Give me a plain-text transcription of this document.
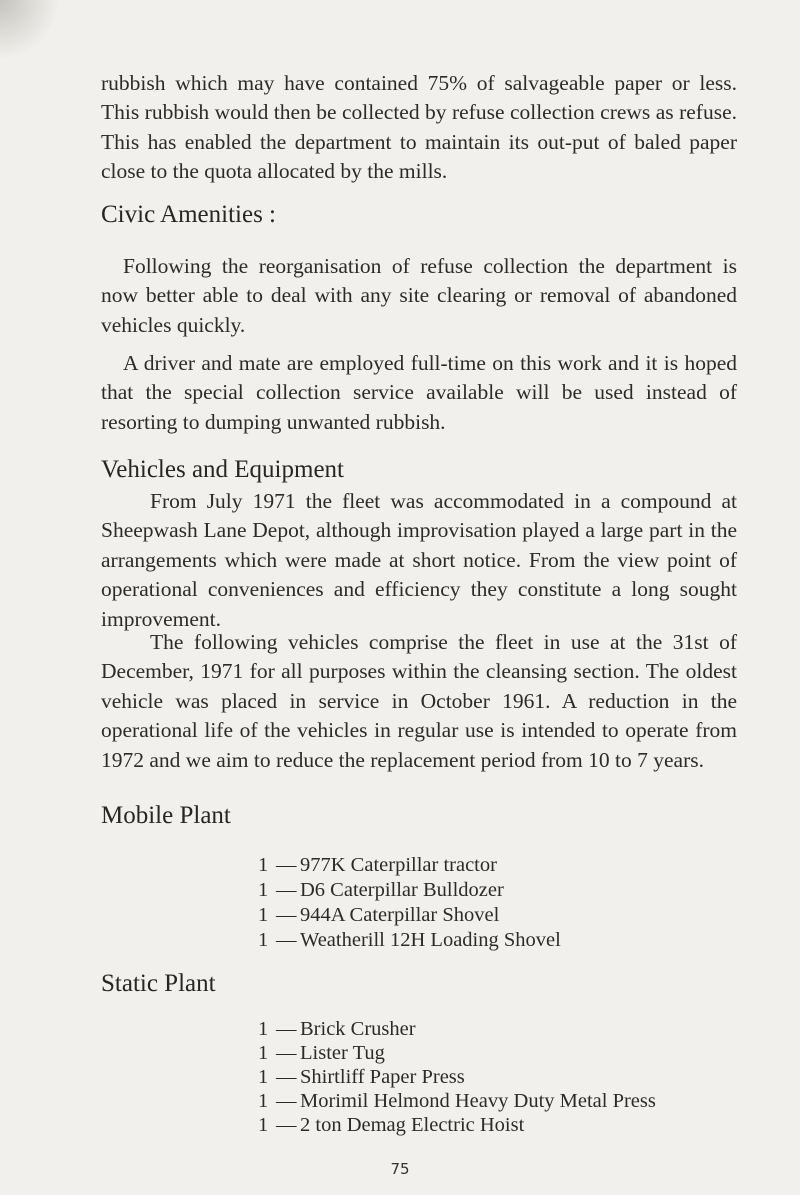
rubbish which may have contained 75% of salvageable paper or less. This rubbish would then be collected by refuse collection crews as refuse. This has enabled the department to maintain its out-put of baled paper close to the quota allocated by the mills.

Civic Amenities :

Following the reorganisation of refuse collection the department is now better able to deal with any site clearing or removal of abandoned vehicles quickly.

A driver and mate are employed full-time on this work and it is hoped that the special collection service available will be used instead of resorting to dumping unwanted rubbish.

Vehicles and Equipment

From July 1971 the fleet was accommodated in a compound at Sheepwash Lane Depot, although improvisation played a large part in the arrangements which were made at short notice. From the view point of operational conveniences and efficiency they constitute a long sought improvement.

The following vehicles comprise the fleet in use at the 31st of December, 1971 for all purposes within the cleansing section. The oldest vehicle was placed in service in October 1961. A reduction in the operational life of the vehicles in regular use is intended to operate from 1972 and we aim to reduce the replacement period from 10 to 7 years.

Mobile Plant
1 — 977K Caterpillar tractor
1 — D6 Caterpillar Bulldozer
1 — 944A Caterpillar Shovel
1 — Weatherill 12H Loading Shovel
Static Plant
1 — Brick Crusher
1 — Lister Tug
1 — Shirtliff Paper Press
1 — Morimil Helmond Heavy Duty Metal Press
1 — 2 ton Demag Electric Hoist
75
